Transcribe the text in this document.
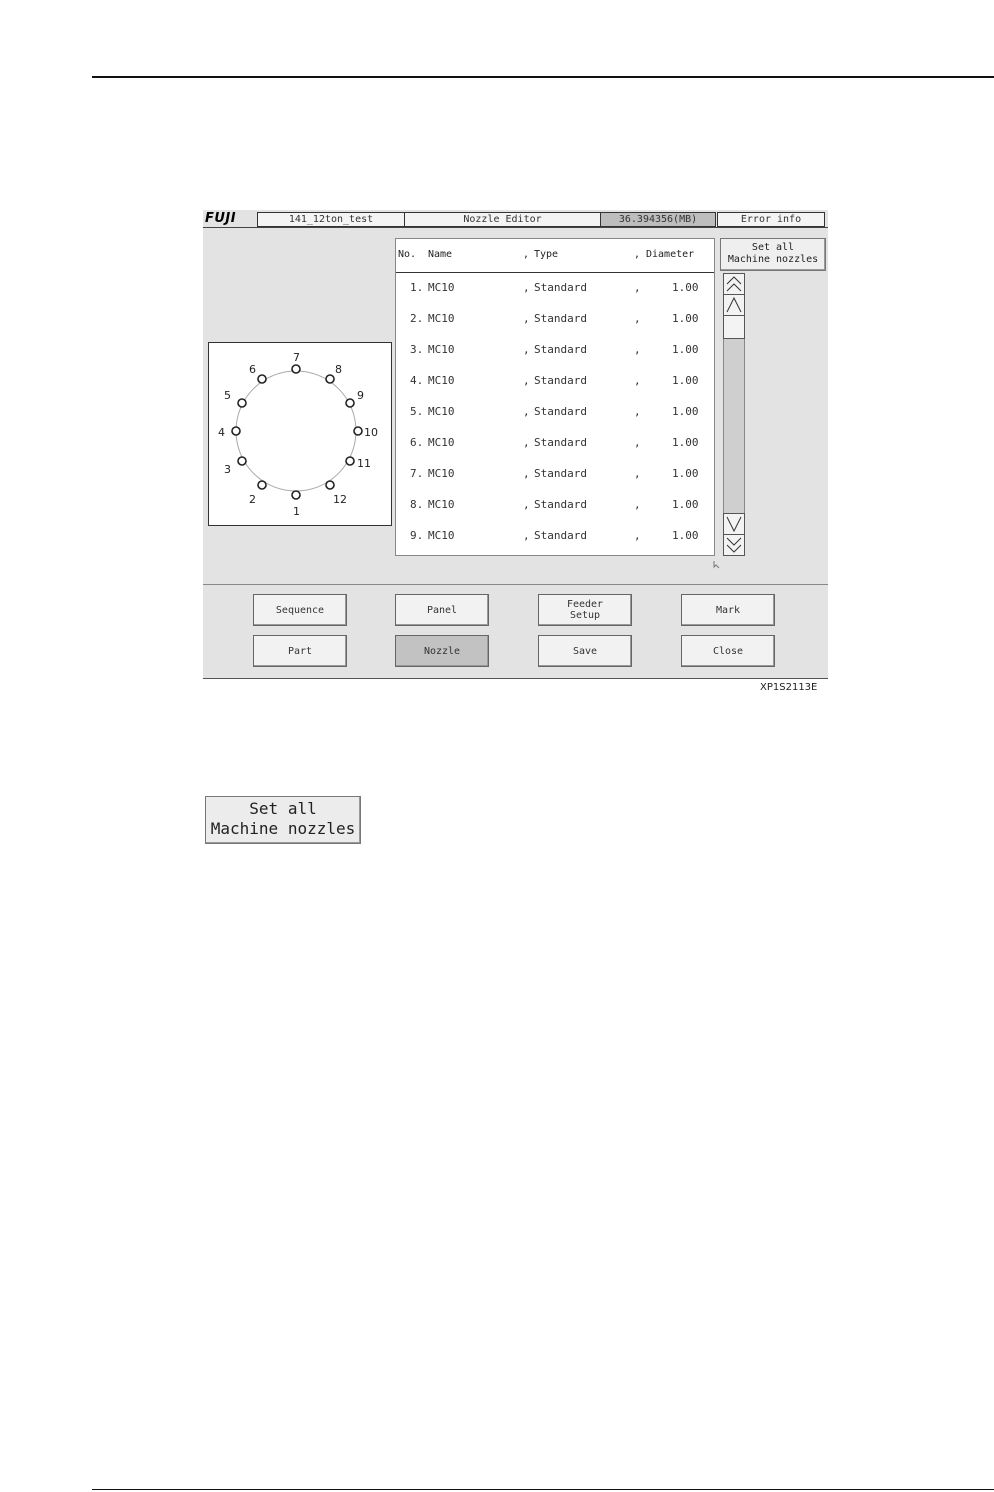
FUJI	141_12ton_test	Nozzle Editor	36.394356(MB)	Error info
1
2
3
4
5
6
7
8
9
10
11
12
No. Name	, Type	, Diameter
1. MC10	, Standard	,	1.00
2. MC10	, Standard	,	1.00
3. MC10	, Standard	,	1.00
4. MC10	, Standard	,	1.00
5. MC10	, Standard	,	1.00
6. MC10	, Standard	,	1.00
7. MC10	, Standard	,	1.00
8. MC10	, Standard	,	1.00
9. MC10	, Standard	,	1.00
Set all
Machine nozzles
Sequence	Panel	Feeder
Setup	Mark
Part	Nozzle	Save	Close
XP1S2113E
Set all
Machine nozzles
